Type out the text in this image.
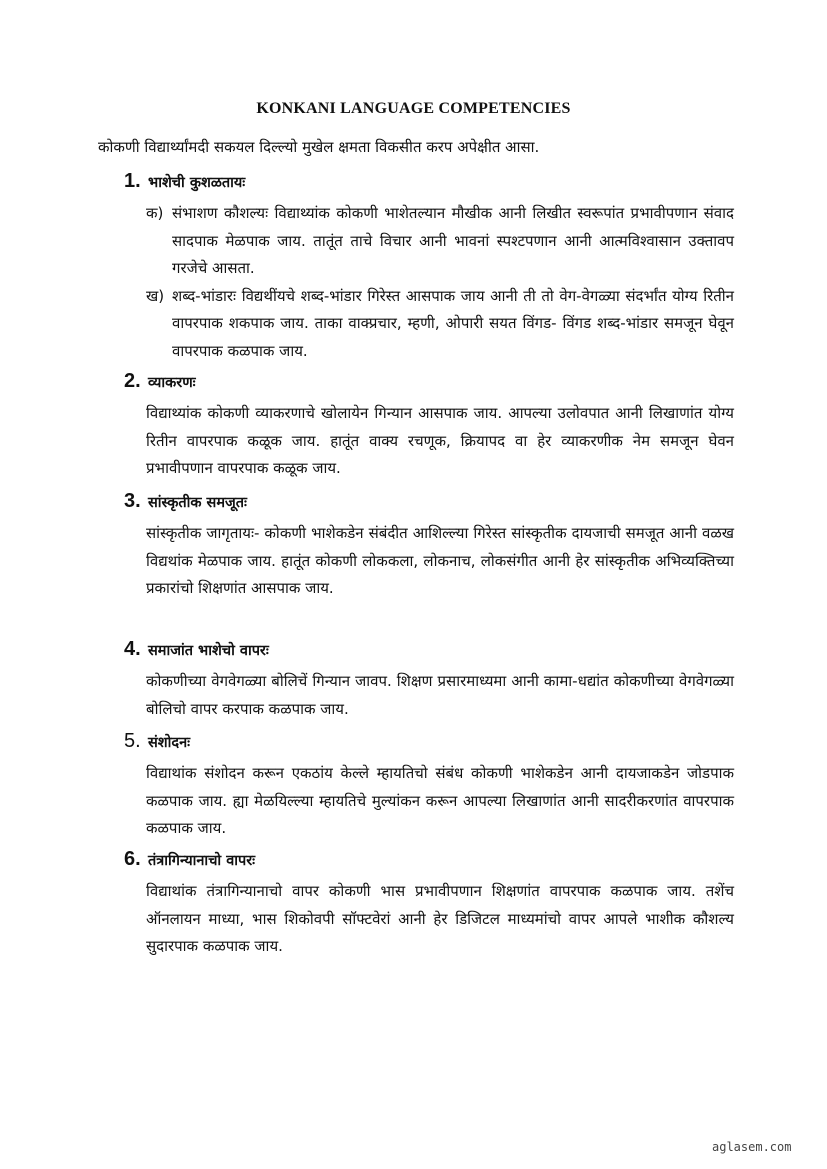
KONKANI LANGUAGE COMPETENCIES
कोकणी विद्यार्थ्यांमदी सकयल दिल्ल्यो मुखेल क्षमता विकसीत करप अपेक्षीत आसा.
1. भाशेची कुशळतायः
क) संभाशण कौशल्यः विद्याथ्यांक कोकणी भाशेतल्यान मौखीक आनी लिखीत स्वरूपांत प्रभावीपणान संवाद सादपाक मेळपाक जाय. तातूंत ताचे विचार आनी भावनां स्पश्टपणान आनी आत्मविश्वासान उक्तावप गरजेचे आसता.
ख) शब्द-भांडारः विद्यथींयचे शब्द-भांडार गिरेस्त आसपाक जाय आनी ती तो वेग-वेगळ्या संदर्भांत योग्य रितीन वापरपाक शकपाक जाय. ताका वाक्प्रचार, म्हणी, ओपारी सयत विंगड- विंगड शब्द-भांडार समजून घेवून वापरपाक कळपाक जाय.
2. व्याकरणः
विद्याथ्यांक कोकणी व्याकरणाचे खोलायेन गिन्यान आसपाक जाय. आपल्या उलोवपात आनी लिखाणांत योग्य रितीन वापरपाक कळूक जाय. हातूंत वाक्य रचणूक, क्रियापद वा हेर व्याकरणीक नेम समजून घेवन प्रभावीपणान वापरपाक कळूक जाय.
3. सांस्कृतीक समजूतः
सांस्कृतीक जागृतायः- कोकणी भाशेकडेन संबंदीत आशिल्ल्या गिरेस्त सांस्कृतीक दायजाची समजूत आनी वळख विद्यथांक मेळपाक जाय. हातूंत कोकणी लोककला, लोकनाच, लोकसंगीत आनी हेर सांस्कृतीक अभिव्यक्तिच्या प्रकारांचो शिक्षणांत आसपाक जाय.
4. समाजांत भाशेचो वापरः
कोकणीच्या वेगवेगळ्या बोलिचें गिन्यान जावप. शिक्षण प्रसारमाध्यमा आनी कामा-धद्यांत कोकणीच्या वेगवेगळ्या बोलिचो वापर करपाक कळपाक जाय.
5. संशोदनः
विद्याथांक संशोदन करून एकठांय केल्ले म्हायतिचो संबंध कोकणी भाशेकडेन आनी दायजाकडेन जोडपाक कळपाक जाय. ह्या मेळयिल्ल्या म्हायतिचे मुल्यांकन करून आपल्या लिखाणांत आनी सादरीकरणांत वापरपाक कळपाक जाय.
6. तंत्रागिन्यानाचो वापरः
विद्याथांक तंत्रागिन्यानाचो वापर कोकणी भास प्रभावीपणान शिक्षणांत वापरपाक कळपाक जाय. तशेंच ऑनलायन माध्या, भास शिकोवपी सॉफ्टवेरां आनी हेर डिजिटल माध्यमांचो वापर आपले भाशीक कौशल्य सुदारपाक कळपाक जाय.
aglasem.com
